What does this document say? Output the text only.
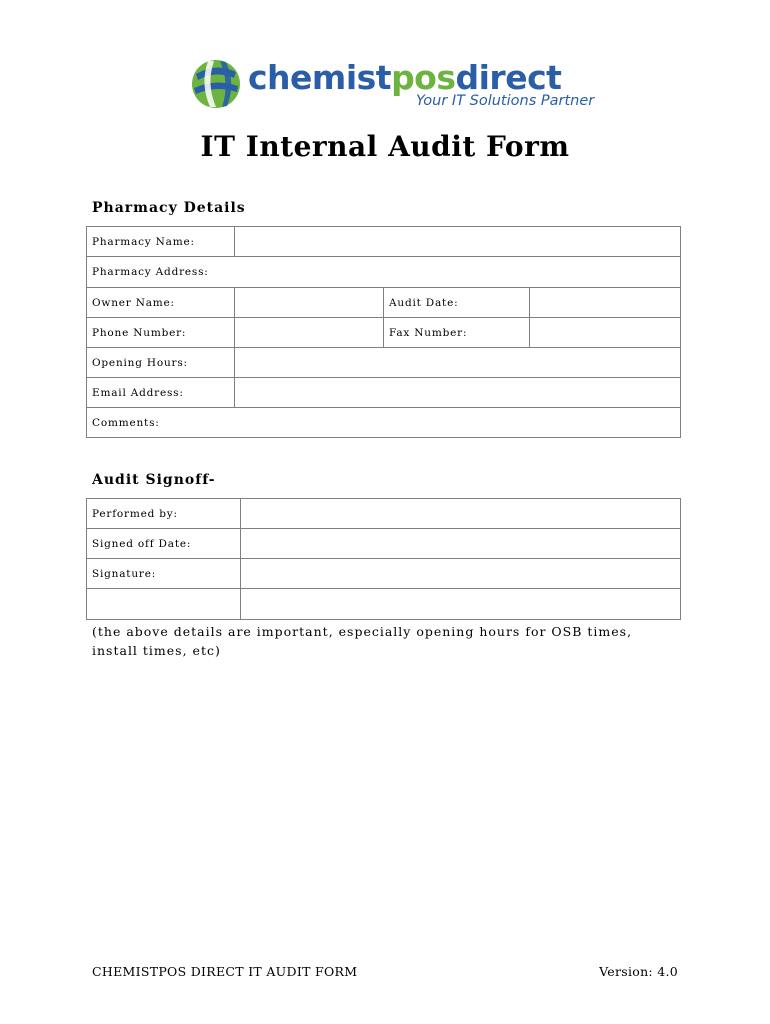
chemistposdirect
Your IT Solutions Partner
IT Internal Audit Form
Pharmacy Details
Pharmacy Name:			
Pharmacy Address:			
Owner Name:		Audit Date:	
Phone Number:		Fax Number:	
Opening Hours:			
Email Address:			
Comments:			
Audit Signoff-
Performed by:	
Signed off Date:	
Signature:	

(the above details are important, especially opening hours for OSB times, install times, etc)
CHEMISTPOS DIRECT IT AUDIT FORM	Version: 4.0
